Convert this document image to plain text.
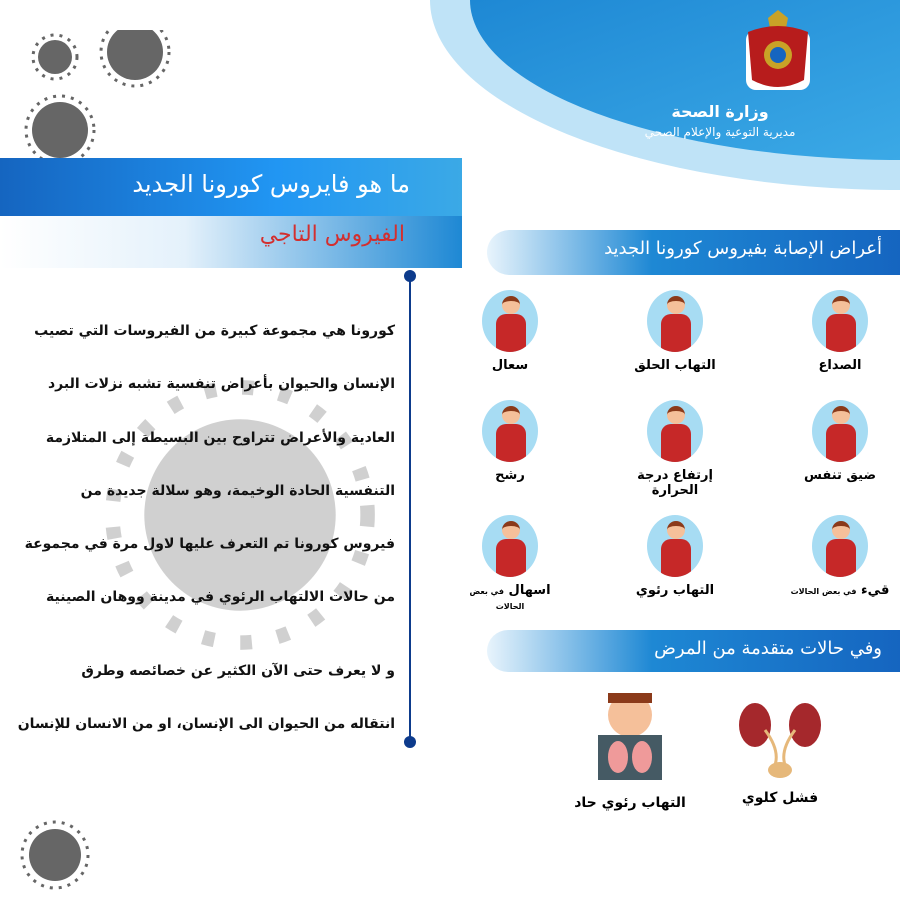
وزارة الصحة
مديرية التوعية والإعلام الصحي
ما هو فايروس كورونا الجديد
الفيروس التاجي
كورونا هي مجموعة كبيرة من الفيروسات التي تصيب
الإنسان والحيوان بأعراض تنفسية تشبه نزلات البرد
العادية والأعراض تتراوح بين البسيطة إلى المتلازمة
التنفسية الحادة الوخيمة، وهو سلالة جديدة من
فيروس كورونا تم التعرف عليها لاول مرة في مجموعة
من حالات الالتهاب الرئوي في مدينة ووهان الصينية
و لا يعرف حتى الآن الكثير عن خصائصه وطرق
انتقاله من الحيوان الى الإنسان، او من الانسان للإنسان
أعراض الإصابة بفيروس كورونا الجديد
الصداع
التهاب الحلق
سعال
ضيق تنفس
إرتفاع درجة الحرارة
رشح
قيء في بعض الحالات
التهاب رئوي
اسهال في بعض الحالات
وفي حالات متقدمة من المرض
فشل كلوي
التهاب رئوي حاد
